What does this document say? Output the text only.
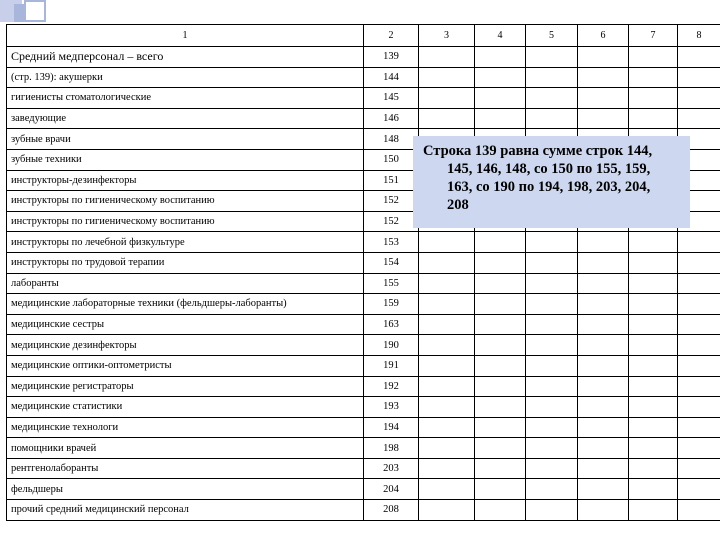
1	2	3	4	5	6	7	8
Средний медперсонал – всего	139						
(стр. 139): акушерки	144						
гигиенисты стоматологические	145						
заведующие	146						
зубные врачи	148						
зубные техники	150						
инструкторы-дезинфекторы	151						
инструкторы по гигиеническому воспитанию	152						
инструкторы по гигиеническому воспитанию	152						
инструкторы по лечебной физкультуре	153						
инструкторы по трудовой терапии	154						
лаборанты	155						
медицинские лабораторные техники (фельдшеры-лаборанты)	159						
медицинские сестры	163						
медицинские дезинфекторы	190						
медицинские оптики-оптометристы	191						
медицинские регистраторы	192						
медицинские статистики	193						
медицинские технологи	194						
помощники врачей	198						
рентгенолаборанты	203						
фельдшеры	204						
прочий средний медицинский персонал	208						
Строка 139 равна сумме строк 144,

145, 146, 148, со 150 по 155, 159,
163, со 190 по 194, 198, 203, 204,
208
